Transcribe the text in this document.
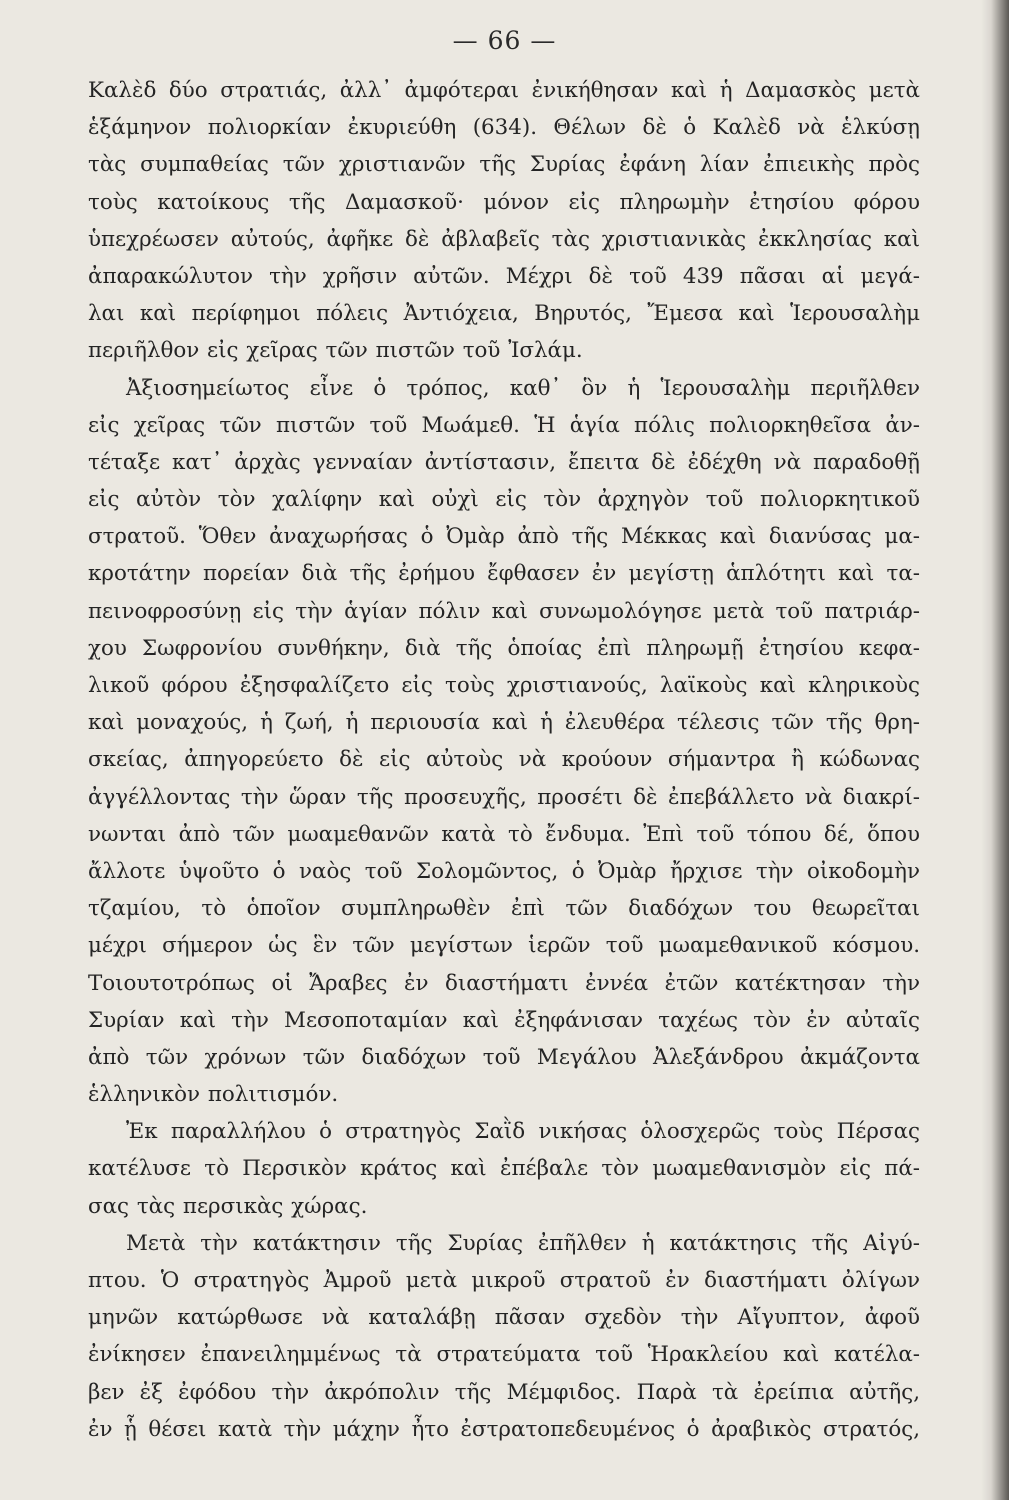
— 66 —
Καλὲδ δύο στρατιάς, ἀλλ᾽ ἀμφότεραι ἐνικήθησαν καὶ ἡ Δαμασκὸς μετὰ
ἑξάμηνον πολιορκίαν ἐκυριεύθη (634). Θέλων δὲ ὁ Καλὲδ νὰ ἑλκύσῃ
τὰς συμπαθείας τῶν χριστιανῶν τῆς Συρίας ἐφάνη λίαν ἐπιεικὴς πρὸς
τοὺς κατοίκους τῆς Δαμασκοῦ· μόνον εἰς πληρωμὴν ἐτησίου φόρου
ὑπεχρέωσεν αὐτούς, ἀφῆκε δὲ ἀβλαβεῖς τὰς χριστιανικὰς ἐκκλησίας καὶ
ἀπαρακώλυτον τὴν χρῆσιν αὐτῶν. Μέχρι δὲ τοῦ 439 πᾶσαι αἱ μεγά-
λαι καὶ περίφημοι πόλεις Ἀντιόχεια, Βηρυτός, Ἔμεσα καὶ Ἱερουσαλὴμ
περιῆλθον εἰς χεῖρας τῶν πιστῶν τοῦ Ἰσλάμ.
Ἀξιοσημείωτος εἶνε ὁ τρόπος, καθ᾽ ὃν ἡ Ἱερουσαλὴμ περιῆλθεν
εἰς χεῖρας τῶν πιστῶν τοῦ Μωάμεθ. Ἡ ἁγία πόλις πολιορκηθεῖσα ἀν-
τέταξε κατ᾽ ἀρχὰς γενναίαν ἀντίστασιν, ἔπειτα δὲ ἐδέχθη νὰ παραδοθῇ
εἰς αὐτὸν τὸν χαλίφην καὶ οὐχὶ εἰς τὸν ἀρχηγὸν τοῦ πολιορκητικοῦ
στρατοῦ. Ὅθεν ἀναχωρήσας ὁ Ὀμὰρ ἀπὸ τῆς Μέκκας καὶ διανύσας μα-
κροτάτην πορείαν διὰ τῆς ἐρήμου ἔφθασεν ἐν μεγίστῃ ἁπλότητι καὶ τα-
πεινοφροσύνῃ εἰς τὴν ἁγίαν πόλιν καὶ συνωμολόγησε μετὰ τοῦ πατριάρ-
χου Σωφρονίου συνθήκην, διὰ τῆς ὁποίας ἐπὶ πληρωμῇ ἐτησίου κεφα-
λικοῦ φόρου ἐξησφαλίζετο εἰς τοὺς χριστιανούς, λαϊκοὺς καὶ κληρικοὺς
καὶ μοναχούς, ἡ ζωή, ἡ περιουσία καὶ ἡ ἐλευθέρα τέλεσις τῶν τῆς θρη-
σκείας, ἀπηγορεύετο δὲ εἰς αὐτοὺς νὰ κρούουν σήμαντρα ἢ κώδωνας
ἀγγέλλοντας τὴν ὥραν τῆς προσευχῆς, προσέτι δὲ ἐπεβάλλετο νὰ διακρί-
νωνται ἀπὸ τῶν μωαμεθανῶν κατὰ τὸ ἔνδυμα. Ἐπὶ τοῦ τόπου δέ, ὅπου
ἄλλοτε ὑψοῦτο ὁ ναὸς τοῦ Σολομῶντος, ὁ Ὀμὰρ ἤρχισε τὴν οἰκοδομὴν
τζαμίου, τὸ ὁποῖον συμπληρωθὲν ἐπὶ τῶν διαδόχων του θεωρεῖται
μέχρι σήμερον ὡς ἓν τῶν μεγίστων ἱερῶν τοῦ μωαμεθανικοῦ κόσμου.
Τοιουτοτρόπως οἱ Ἄραβες ἐν διαστήματι ἐννέα ἐτῶν κατέκτησαν τὴν
Συρίαν καὶ τὴν Μεσοποταμίαν καὶ ἐξηφάνισαν ταχέως τὸν ἐν αὐταῖς
ἀπὸ τῶν χρόνων τῶν διαδόχων τοῦ Μεγάλου Ἀλεξάνδρου ἀκμάζοντα
ἑλληνικὸν πολιτισμόν.
Ἐκ παραλλήλου ὁ στρατηγὸς Σαῒδ νικήσας ὁλοσχερῶς τοὺς Πέρσας
κατέλυσε τὸ Περσικὸν κράτος καὶ ἐπέβαλε τὸν μωαμεθανισμὸν εἰς πά-
σας τὰς περσικὰς χώρας.
Μετὰ τὴν κατάκτησιν τῆς Συρίας ἐπῆλθεν ἡ κατάκτησις τῆς Αἰγύ-
πτου. Ὁ στρατηγὸς Ἀμροῦ μετὰ μικροῦ στρατοῦ ἐν διαστήματι ὀλίγων
μηνῶν κατώρθωσε νὰ καταλάβῃ πᾶσαν σχεδὸν τὴν Αἴγυπτον, ἀφοῦ
ἐνίκησεν ἐπανειλημμένως τὰ στρατεύματα τοῦ Ἡρακλείου καὶ κατέλα-
βεν ἐξ ἐφόδου τὴν ἀκρόπολιν τῆς Μέμφιδος. Παρὰ τὰ ἐρείπια αὐτῆς,
ἐν ᾗ θέσει κατὰ τὴν μάχην ἦτο ἐστρατοπεδευμένος ὁ ἀραβικὸς στρατός,
